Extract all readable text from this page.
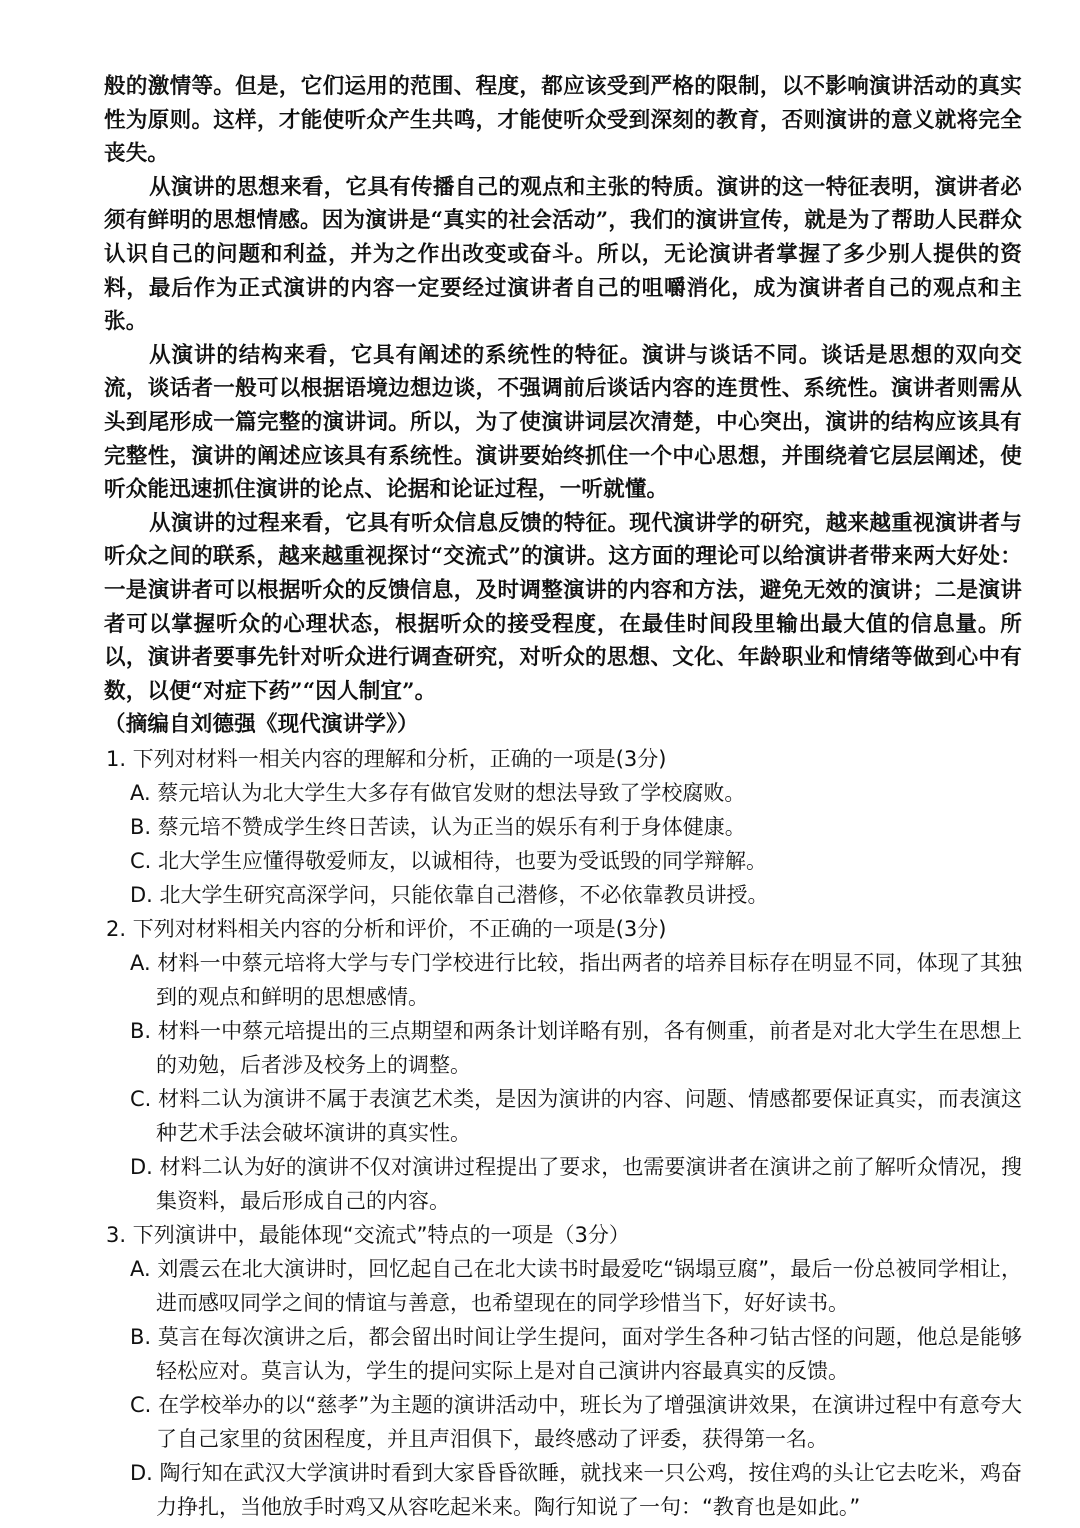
般的激情等。但是，它们运用的范围、程度，都应该受到严格的限制，以不影响演讲活动的真实性为原则。这样，才能使听众产生共鸣，才能使听众受到深刻的教育，否则演讲的意义就将完全丧失。

从演讲的思想来看，它具有传播自己的观点和主张的特质。演讲的这一特征表明，演讲者必须有鲜明的思想情感。因为演讲是“真实的社会活动”，我们的演讲宣传，就是为了帮助人民群众认识自己的问题和利益，并为之作出改变或奋斗。所以，无论演讲者掌握了多少别人提供的资料，最后作为正式演讲的内容一定要经过演讲者自己的咀嚼消化，成为演讲者自己的观点和主张。

从演讲的结构来看，它具有阐述的系统性的特征。演讲与谈话不同。谈话是思想的双向交流，谈话者一般可以根据语境边想边谈，不强调前后谈话内容的连贯性、系统性。演讲者则需从头到尾形成一篇完整的演讲词。所以，为了使演讲词层次清楚，中心突出，演讲的结构应该具有完整性，演讲的阐述应该具有系统性。演讲要始终抓住一个中心思想，并围绕着它层层阐述，使听众能迅速抓住演讲的论点、论据和论证过程，一听就懂。

从演讲的过程来看，它具有听众信息反馈的特征。现代演讲学的研究，越来越重视演讲者与听众之间的联系，越来越重视探讨“交流式”的演讲。这方面的理论可以给演讲者带来两大好处：一是演讲者可以根据听众的反馈信息，及时调整演讲的内容和方法，避免无效的演讲；二是演讲者可以掌握听众的心理状态，根据听众的接受程度，在最佳时间段里输出最大值的信息量。所以，演讲者要事先针对听众进行调查研究，对听众的思想、文化、年龄职业和情绪等做到心中有数，以便“对症下药”“因人制宜”。

（摘编自刘德强《现代演讲学》）

1. 下列对材料一相关内容的理解和分析，正确的一项是(3分)

A. 蔡元培认为北大学生大多存有做官发财的想法导致了学校腐败。

B. 蔡元培不赞成学生终日苦读，认为正当的娱乐有利于身体健康。

C. 北大学生应懂得敬爱师友，以诚相待，也要为受诋毁的同学辩解。

D. 北大学生研究高深学问，只能依靠自己潜修，不必依靠教员讲授。

2. 下列对材料相关内容的分析和评价，不正确的一项是(3分)

A. 材料一中蔡元培将大学与专门学校进行比较，指出两者的培养目标存在明显不同，体现了其独到的观点和鲜明的思想感情。

B. 材料一中蔡元培提出的三点期望和两条计划详略有别，各有侧重，前者是对北大学生在思想上的劝勉，后者涉及校务上的调整。

C. 材料二认为演讲不属于表演艺术类，是因为演讲的内容、问题、情感都要保证真实，而表演这种艺术手法会破坏演讲的真实性。

D. 材料二认为好的演讲不仅对演讲过程提出了要求，也需要演讲者在演讲之前了解听众情况，搜集资料，最后形成自己的内容。

3. 下列演讲中，最能体现“交流式”特点的一项是（3分）

A. 刘震云在北大演讲时，回忆起自己在北大读书时最爱吃“锅塌豆腐”，最后一份总被同学相让，进而感叹同学之间的情谊与善意，也希望现在的同学珍惜当下，好好读书。

B. 莫言在每次演讲之后，都会留出时间让学生提问，面对学生各种刁钻古怪的问题，他总是能够轻松应对。莫言认为，学生的提问实际上是对自己演讲内容最真实的反馈。

C. 在学校举办的以“慈孝”为主题的演讲活动中，班长为了增强演讲效果，在演讲过程中有意夸大了自己家里的贫困程度，并且声泪俱下，最终感动了评委，获得第一名。

D. 陶行知在武汉大学演讲时看到大家昏昏欲睡，就找来一只公鸡，按住鸡的头让它去吃米，鸡奋力挣扎，当他放手时鸡又从容吃起米来。陶行知说了一句：“教育也是如此。”
